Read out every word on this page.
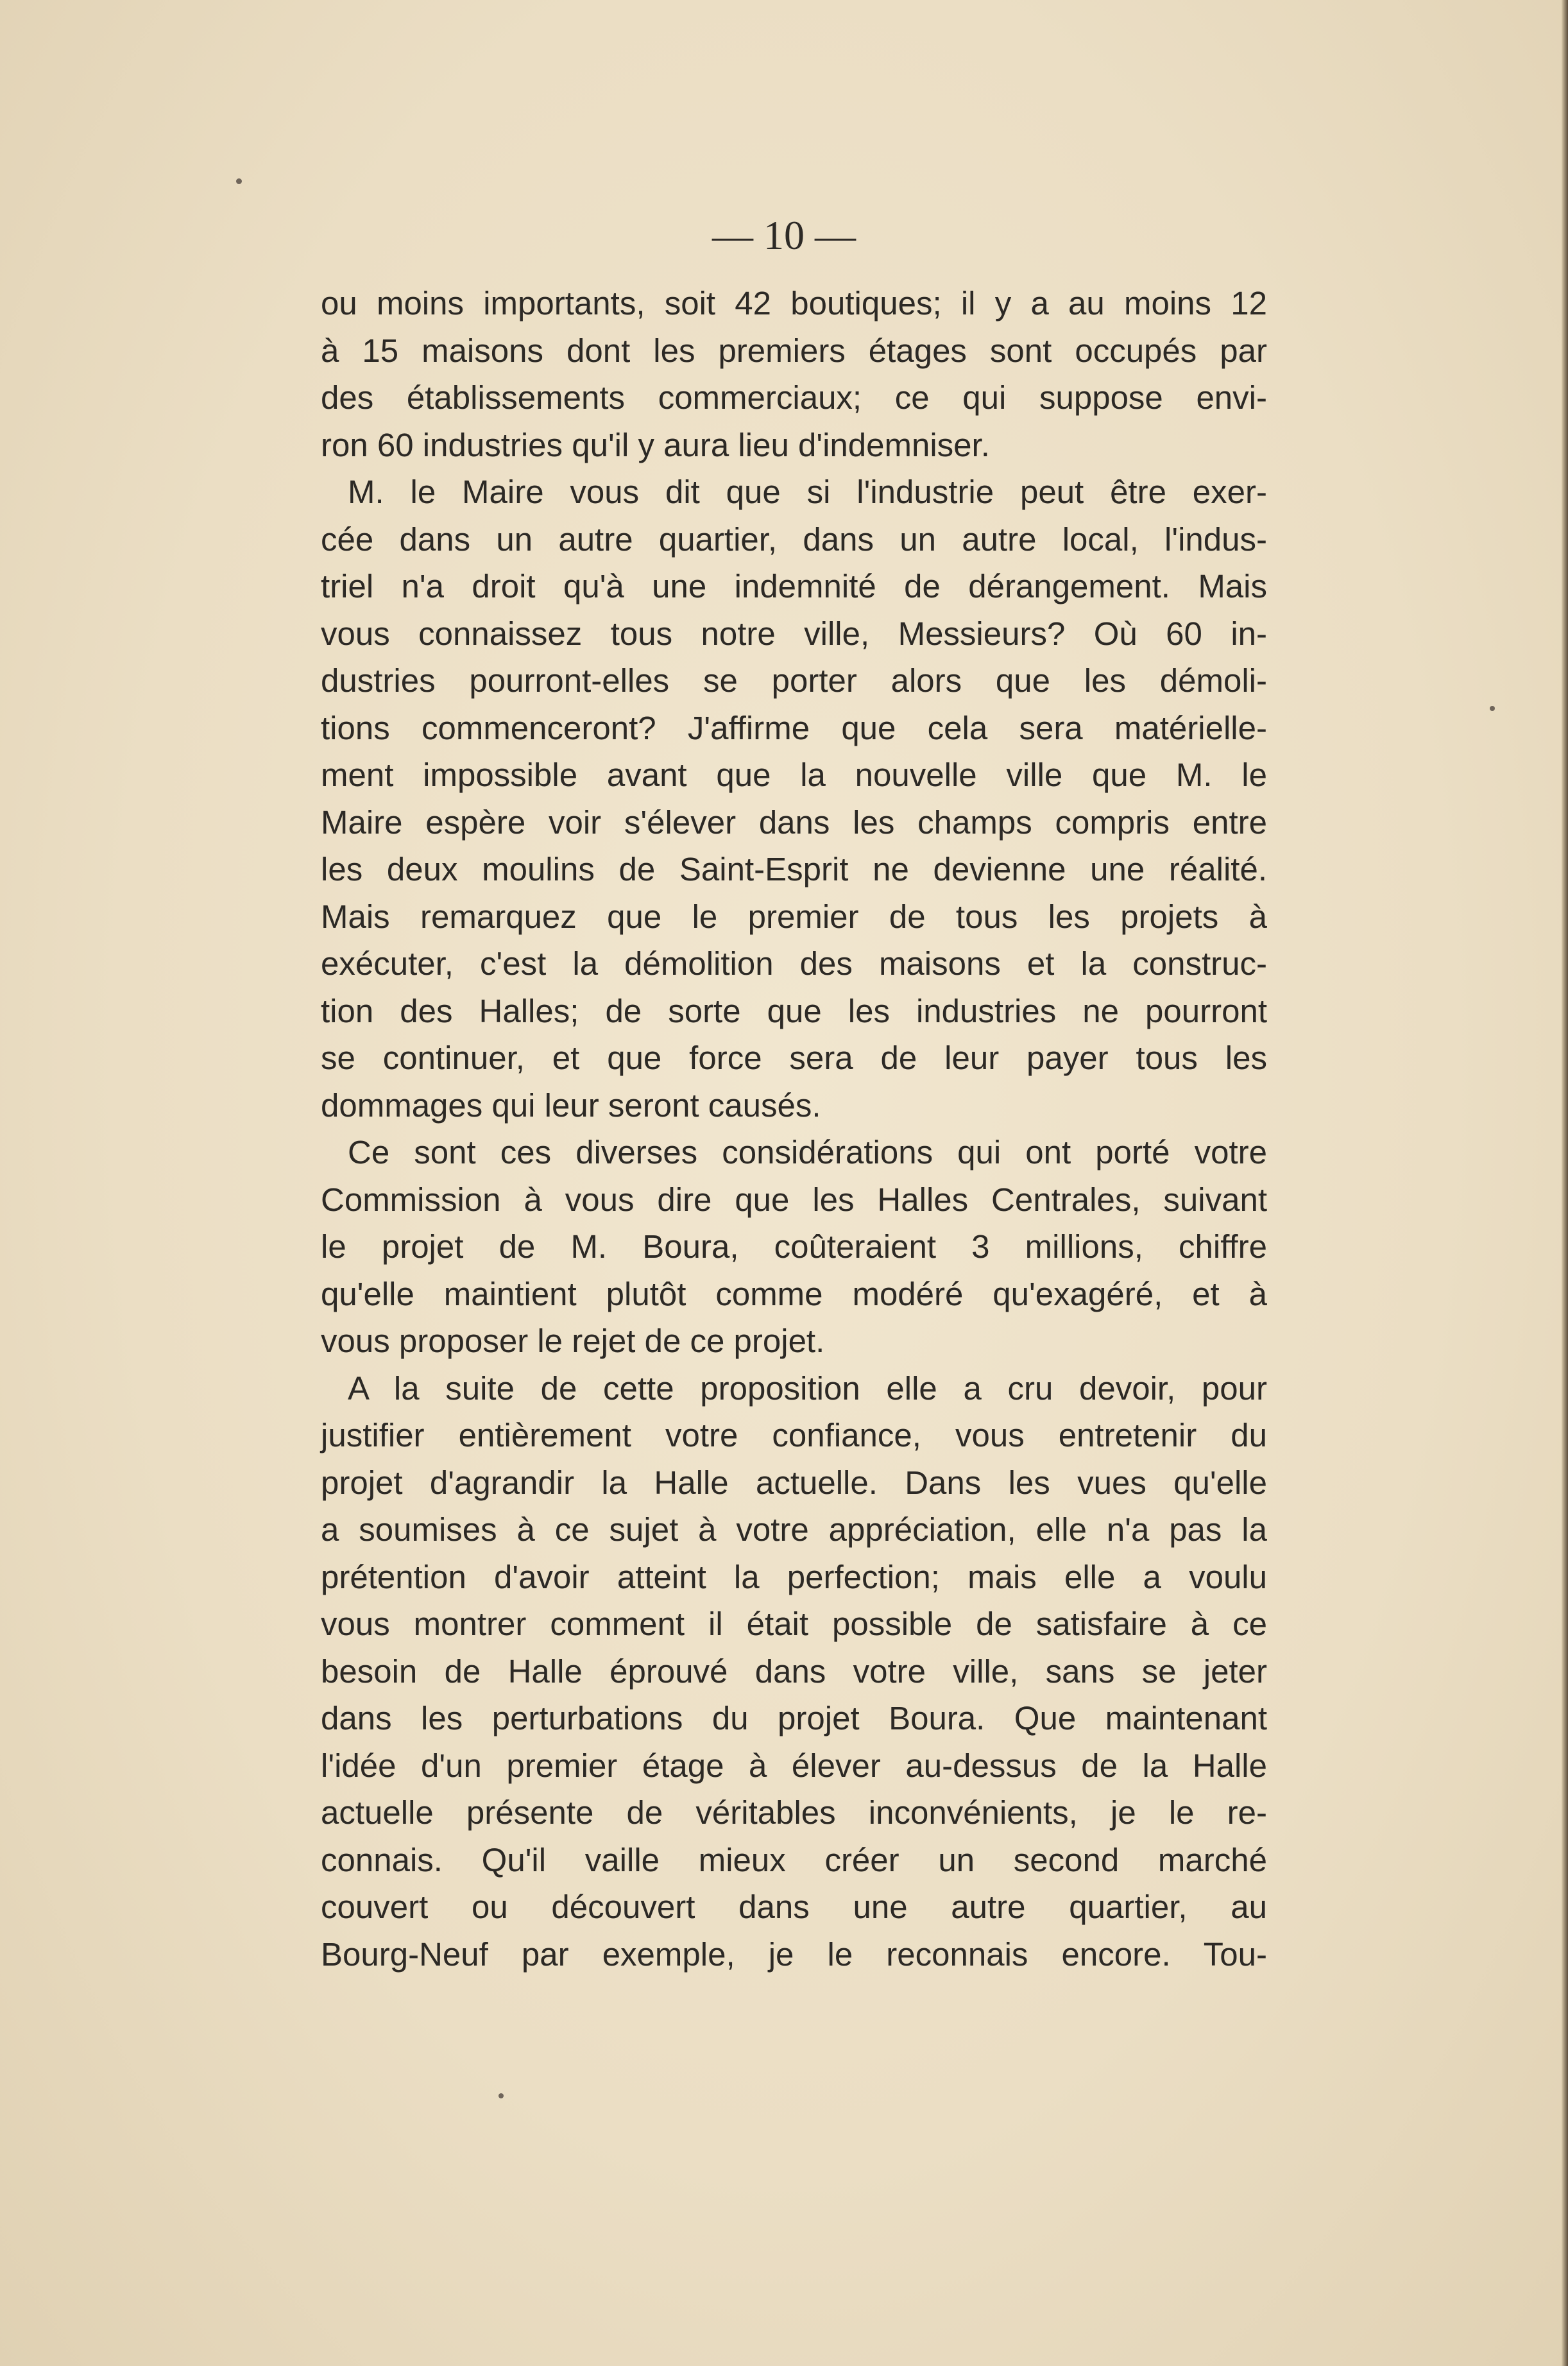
— 10 —
ou moins importants, soit 42 boutiques; il y a au moins 12
à 15 maisons dont les premiers étages sont occupés par
des établissements commerciaux; ce qui suppose envi-
ron 60 industries qu'il y aura lieu d'indemniser.
M. le Maire vous dit que si l'industrie peut être exer-
cée dans un autre quartier, dans un autre local, l'indus-
triel n'a droit qu'à une indemnité de dérangement. Mais
vous connaissez tous notre ville, Messieurs? Où 60 in-
dustries pourront-elles se porter alors que les démoli-
tions commenceront? J'affirme que cela sera matérielle-
ment impossible avant que la nouvelle ville que M. le
Maire espère voir s'élever dans les champs compris entre
les deux moulins de Saint-Esprit ne devienne une réalité.
Mais remarquez que le premier de tous les projets à
exécuter, c'est la démolition des maisons et la construc-
tion des Halles; de sorte que les industries ne pourront
se continuer, et que force sera de leur payer tous les
dommages qui leur seront causés.
Ce sont ces diverses considérations qui ont porté votre
Commission à vous dire que les Halles Centrales, suivant
le projet de M. Boura, coûteraient 3 millions, chiffre
qu'elle maintient plutôt comme modéré qu'exagéré, et à
vous proposer le rejet de ce projet.
A la suite de cette proposition elle a cru devoir, pour
justifier entièrement votre confiance, vous entretenir du
projet d'agrandir la Halle actuelle. Dans les vues qu'elle
a soumises à ce sujet à votre appréciation, elle n'a pas la
prétention d'avoir atteint la perfection; mais elle a voulu
vous montrer comment il était possible de satisfaire à ce
besoin de Halle éprouvé dans votre ville, sans se jeter
dans les perturbations du projet Boura. Que maintenant
l'idée d'un premier étage à élever au-dessus de la Halle
actuelle présente de véritables inconvénients, je le re-
connais. Qu'il vaille mieux créer un second marché
couvert ou découvert dans une autre quartier, au
Bourg-Neuf par exemple, je le reconnais encore. Tou-
